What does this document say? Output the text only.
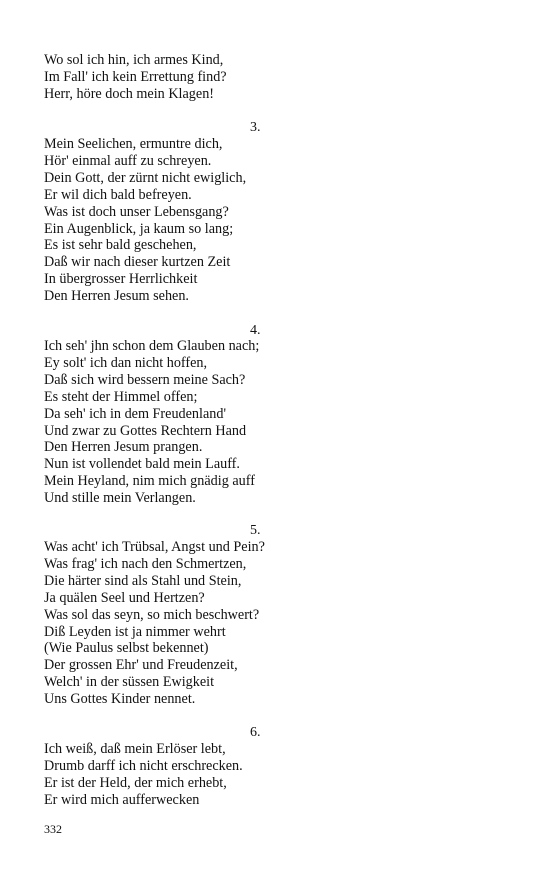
Wo sol ich hin, ich armes Kind,
Im Fall' ich kein Errettung find?
Herr, höre doch mein Klagen!
3.
Mein Seelichen, ermuntre dich,
Hör' einmal auff zu schreyen.
Dein Gott, der zürnt nicht ewiglich,
Er wil dich bald befreyen.
Was ist doch unser Lebensgang?
Ein Augenblick, ja kaum so lang;
Es ist sehr bald geschehen,
Daß wir nach dieser kurtzen Zeit
In übergrosser Herrlichkeit
Den Herren Jesum sehen.
4.
Ich seh' jhn schon dem Glauben nach;
Ey solt' ich dan nicht hoffen,
Daß sich wird bessern meine Sach?
Es steht der Himmel offen;
Da seh' ich in dem Freudenland'
Und zwar zu Gottes Rechtern Hand
Den Herren Jesum prangen.
Nun ist vollendet bald mein Lauff.
Mein Heyland, nim mich gnädig auff
Und stille mein Verlangen.
5.
Was acht' ich Trübsal, Angst und Pein?
Was frag' ich nach den Schmertzen,
Die härter sind als Stahl und Stein,
Ja quälen Seel und Hertzen?
Was sol das seyn, so mich beschwert?
Diß Leyden ist ja nimmer wehrt
(Wie Paulus selbst bekennet)
Der grossen Ehr' und Freudenzeit,
Welch' in der süssen Ewigkeit
Uns Gottes Kinder nennet.
6.
Ich weiß, daß mein Erlöser lebt,
Drumb darff ich nicht erschrecken.
Er ist der Held, der mich erhebt,
Er wird mich aufferwecken
332
